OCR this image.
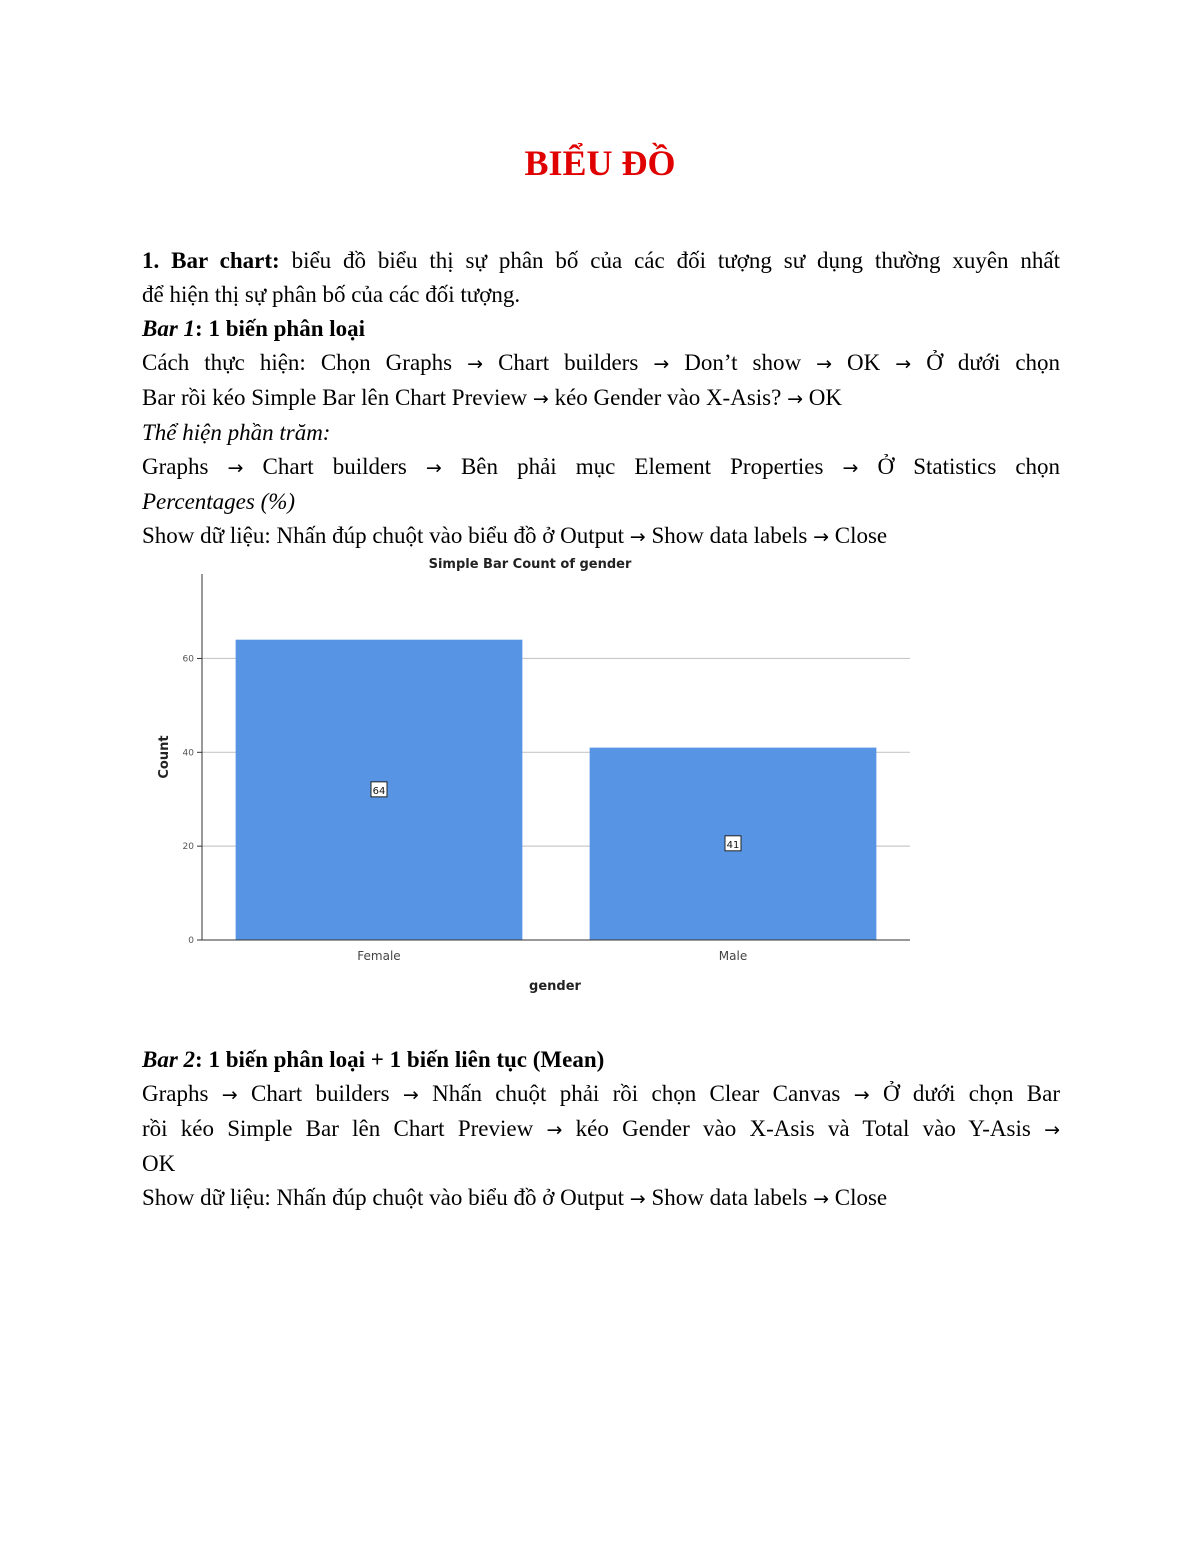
BIỂU ĐỒ

1. Bar chart: biểu đồ biểu thị sự phân bố của các đối tượng sư dụng thường xuyên nhất

để hiện thị sự phân bố của các đối tượng.

Bar 1: 1 biến phân loại

Cách thực hiện: Chọn Graphs → Chart builders → Don’t show → OK → Ở dưới chọn

Bar rồi kéo Simple Bar lên Chart Preview → kéo Gender vào X-Asis? → OK

Thể hiện phần trăm:

Graphs → Chart builders → Bên phải mục Element Properties → Ở Statistics chọn

Percentages (%)

Show dữ liệu: Nhấn đúp chuột vào biểu đồ ở Output → Show data labels → Close

Simple Bar Count of gender
0
20
40
60
64
41
Female	Male
Count
gender

Bar 2: 1 biến phân loại + 1 biến liên tục (Mean)

Graphs → Chart builders → Nhấn chuột phải rồi chọn Clear Canvas → Ở dưới chọn Bar

rồi kéo Simple Bar lên Chart Preview → kéo Gender vào X-Asis và Total vào Y-Asis →

OK

Show dữ liệu: Nhấn đúp chuột vào biểu đồ ở Output → Show data labels → Close
